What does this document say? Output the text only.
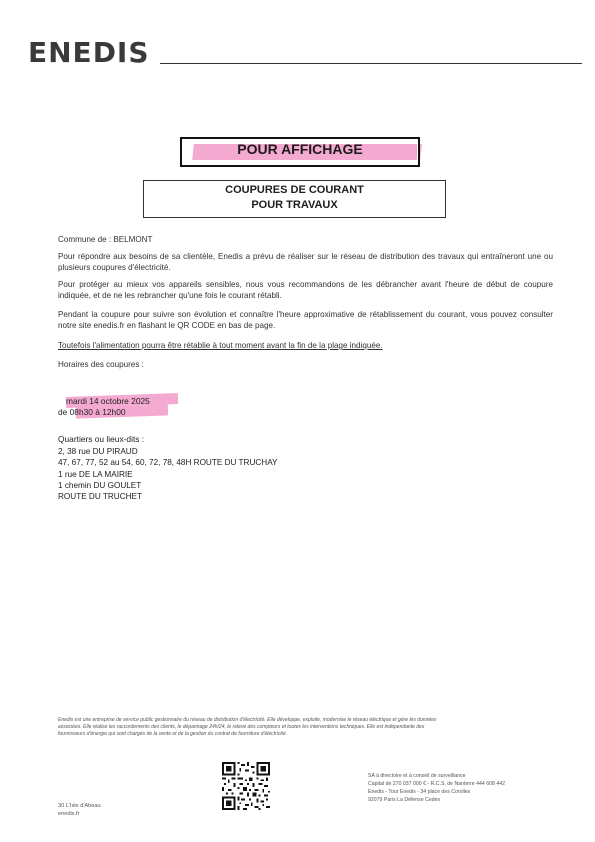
ENEDIS
POUR AFFICHAGE
COUPURES DE COURANT
POUR TRAVAUX
Commune de : BELMONT
Pour répondre aux besoins de sa clientèle, Enedis a prévu de réaliser sur le réseau de distribution des travaux qui entraîneront une ou plusieurs coupures d'électricité.
Pour protéger au mieux vos appareils sensibles, nous vous recommandons de les débrancher avant l'heure de début de coupure indiquée, et de ne les rebrancher qu'une fois le courant rétabli.
Pendant la coupure pour suivre son évolution et connaître l'heure approximative de rétablissement du courant, vous pouvez consulter notre site enedis.fr en flashant le QR CODE en bas de page.
Toutefois l'alimentation pourra être rétablie à tout moment avant la fin de la plage indiquée.
Horaires des coupures :
mardi 14 octobre 2025
de 08h30 à 12h00
Quartiers ou lieux-dits :
2, 38 rue DU PIRAUD
47, 67, 77, 52 au 54, 60, 72, 78, 48H ROUTE DU TRUCHAY
1 rue DE LA MAIRIE
1 chemin DU GOULET
ROUTE DU TRUCHET
Enedis est une entreprise de service public gestionnaire du réseau de distribution d'électricité. Elle développe, exploite, modernise le réseau électrique et gère les données
associées. Elle réalise les raccordements des clients, le dépannage 24h/24, le relevé des compteurs et toutes les interventions techniques. Elle est indépendante des
fournisseurs d'énergie qui sont chargés de la vente et de la gestion du contrat de fourniture d'électricité.
30 L'Isle d'Abeau
enedis.fr
SA à directoire et à conseil de surveillance
Capital de 270 037 000 € - R.C.S. de Nanterre 444 608 442
Enedis - Tour Enedis - 34 place des Corolles
92079 Paris La Défense Cedex
